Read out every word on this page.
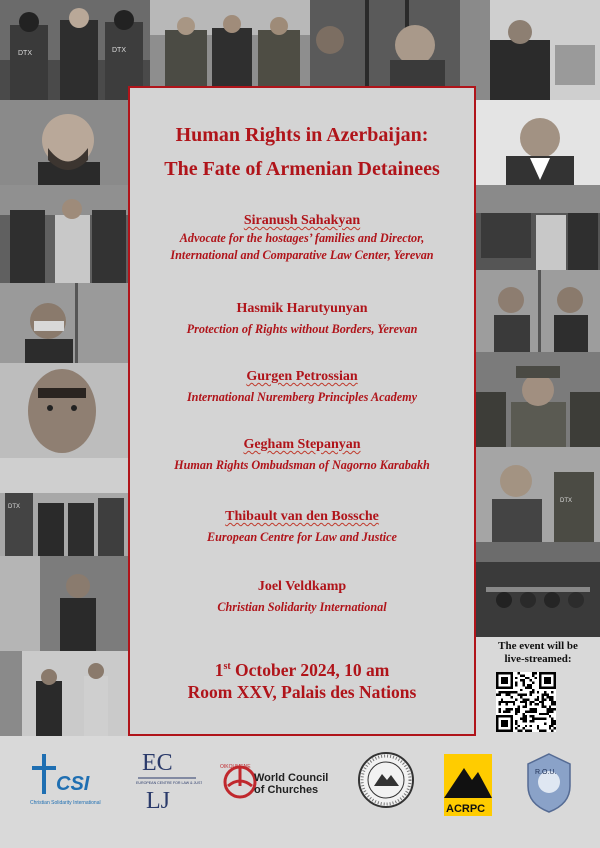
DTX	DTX
DTX
DTX

Human Rights in Azerbaijan:

The Fate of Armenian Detainees

Siranush Sahakyan
Advocate for the hostages’ families and Director,
International and Comparative Law Center, Yerevan
Hasmik Harutyunyan
Protection of Rights without Borders, Yerevan
Gurgen Petrossian
International Nuremberg Principles Academy
Gegham Stepanyan
Human Rights Ombudsman of Nagorno Karabakh
Thibault van den Bossche
European Centre for Law and Justice
Joel Veldkamp
Christian Solidarity International
1st October 2024, 10 am
Room XXV, Palais des Nations
The event will be
live-streamed:
CSI
Christian Solidarity International
EC
EUROPEAN CENTRE FOR LAW & JUSTICE
LJ
OIKOUMENE
World Council
of Churches
ACRPC
R.O.U.
